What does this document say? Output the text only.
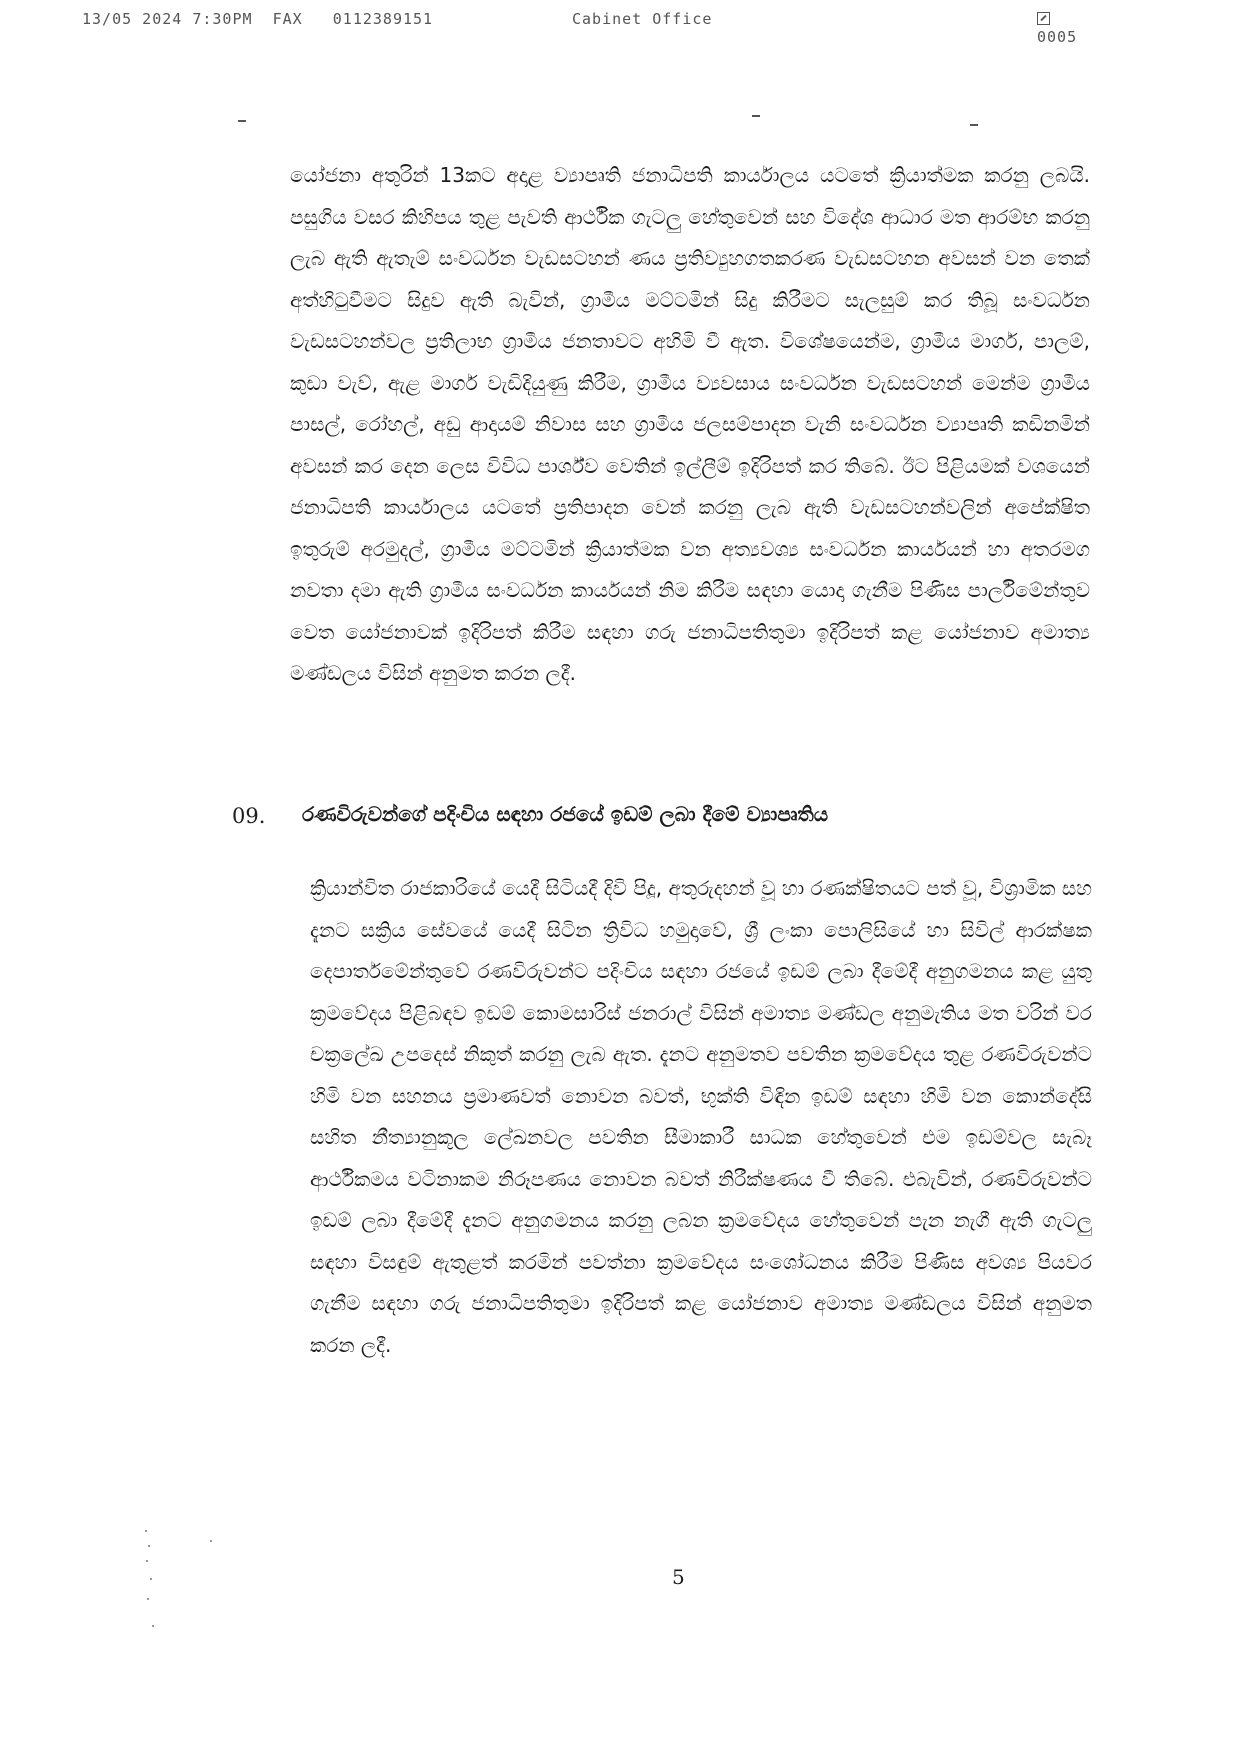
13/05 2024 7:30PM FAX 0112389151	Cabinet Office
0005

යෝජනා අතුරින් 13කට අදාළ ව්‍යාපෘති ජනාධිපති කාර්යාලය යටතේ ක්‍රියාත්මක කරනු ලබයි. පසුගිය වසර කිහිපය තුළ පැවති ආර්ථික ගැටලු හේතුවෙන් සහ විදේශ ආධාර මත ආරම්භ කරනු ලැබ ඇති ඇතැම් සංවර්ධන වැඩසටහන් ණය ප්‍රතිව්‍යුහගතකරණ වැඩසටහන අවසන් වන තෙක් අත්හිටුවීමට සිදුව ඇති බැවින්, ග්‍රාමීය මට්ටමින් සිදු කිරීමට සැලසුම් කර තිබූ සංවර්ධන වැඩසටහන්වල ප්‍රතිලාභ ග්‍රාමීය ජනතාවට අහිමි වී ඇත. විශේෂයෙන්ම, ග්‍රාමීය මාර්ග, පාලම්, කුඩා වැව්, ඇළ මාර්ග වැඩිදියුණු කිරීම, ග්‍රාමීය ව්‍යවසාය සංවර්ධන වැඩසටහන් මෙන්ම ග්‍රාමීය පාසල්, රෝහල්, අඩු ආදායම් නිවාස සහ ග්‍රාමීය ජලසම්පාදන වැනි සංවර්ධන ව්‍යාපෘති කඩිනමින් අවසන් කර දෙන ලෙස විවිධ පාර්ශ්ව වෙතින් ඉල්ලීම් ඉදිරිපත් කර තිබේ. ඊට පිළියමක් වශයෙන් ජනාධිපති කාර්යාලය යටතේ ප්‍රතිපාදන වෙන් කරනු ලැබ ඇති වැඩසටහන්වලින් අපේක්ෂිත ඉතුරුම් අරමුදල්, ග්‍රාමීය මට්ටමින් ක්‍රියාත්මක වන අත්‍යවශ්‍ය සංවර්ධන කාර්යයන් හා අතරමග නවතා දමා ඇති ග්‍රාමීය සංවර්ධන කාර්යයන් නිම කිරීම සඳහා යොදා ගැනීම පිණිස පාර්ලිමේන්තුව වෙත යෝජනාවක් ඉදිරිපත් කිරීම සඳහා ගරු ජනාධිපතිතුමා ඉදිරිපත් කළ යෝජනාව අමාත්‍ය මණ්ඩලය විසින් අනුමත කරන ලදී.

09. රණවිරුවන්ගේ පදිංචිය සඳහා රජයේ ඉඩම් ලබා දීමේ ව්‍යාපෘතිය

ක්‍රියාන්විත රාජකාරියේ යෙදී සිටියදී දිවි පිදූ, අතුරුදහන් වූ හා රණක්ෂිතයට පත් වූ, විශ්‍රාමික සහ දැනට සක්‍රිය සේවයේ යෙදී සිටින ත්‍රිවිධ හමුදාවේ, ශ්‍රී ලංකා පොලිසියේ හා සිවිල් ආරක්ෂක දෙපාර්තමේන්තුවේ රණවිරුවන්ට පදිංචිය සඳහා රජයේ ඉඩම් ලබා දීමේදී අනුගමනය කළ යුතු ක්‍රමවේදය පිළිබඳව ඉඩම් කොමසාරිස් ජනරාල් විසින් අමාත්‍ය මණ්ඩල අනුමැතිය මත වරින් වර චක්‍රලේඛ උපදෙස් නිකුත් කරනු ලැබ ඇත. දැනට අනුමතව පවතින ක්‍රමවේදය තුළ රණවිරුවන්ට හිමි වන සහනය ප්‍රමාණවත් නොවන බවත්, භුක්ති විඳින ඉඩම් සඳහා හිමි වන කොන්දේසි සහිත නීත්‍යානුකූල ලේඛනවල පවතින සීමාකාරී සාධක හේතුවෙන් එම ඉඩම්වල සැබෑ ආර්ථිකමය වටිනාකම නිරූපණය නොවන බවත් නිරීක්ෂණය වී තිබේ. එබැවින්, රණවිරුවන්ට ඉඩම් ලබා දීමේදී දැනට අනුගමනය කරනු ලබන ක්‍රමවේදය හේතුවෙන් පැන නැගී ඇති ගැටලු සඳහා විසඳුම් ඇතුළත් කරමින් පවත්නා ක්‍රමවේදය සංශෝධනය කිරීම පිණිස අවශ්‍ය පියවර ගැනීම සඳහා ගරු ජනාධිපතිතුමා ඉදිරිපත් කළ යෝජනාව අමාත්‍ය මණ්ඩලය විසින් අනුමත කරන ලදී.

5
